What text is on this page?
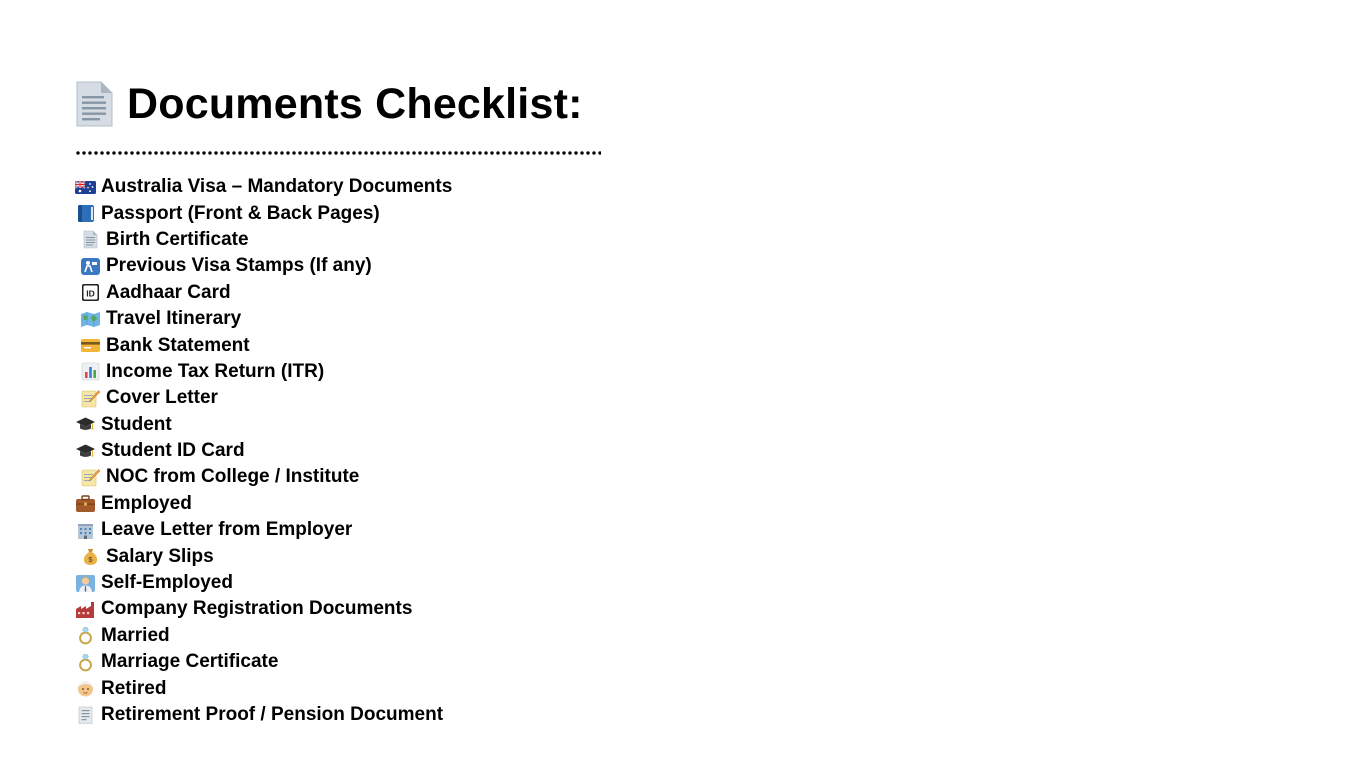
Documents Checklist:
Australia Visa – Mandatory Documents
Passport (Front & Back Pages)
Birth Certificate
Previous Visa Stamps (If any)
ID Aadhaar Card
Travel Itinerary
Bank Statement
Income Tax Return (ITR)
Cover Letter
Student
Student ID Card
NOC from College / Institute
Employed
Leave Letter from Employer
$ Salary Slips
Self-Employed
Company Registration Documents
Married
Marriage Certificate
Retired
Retirement Proof / Pension Document
